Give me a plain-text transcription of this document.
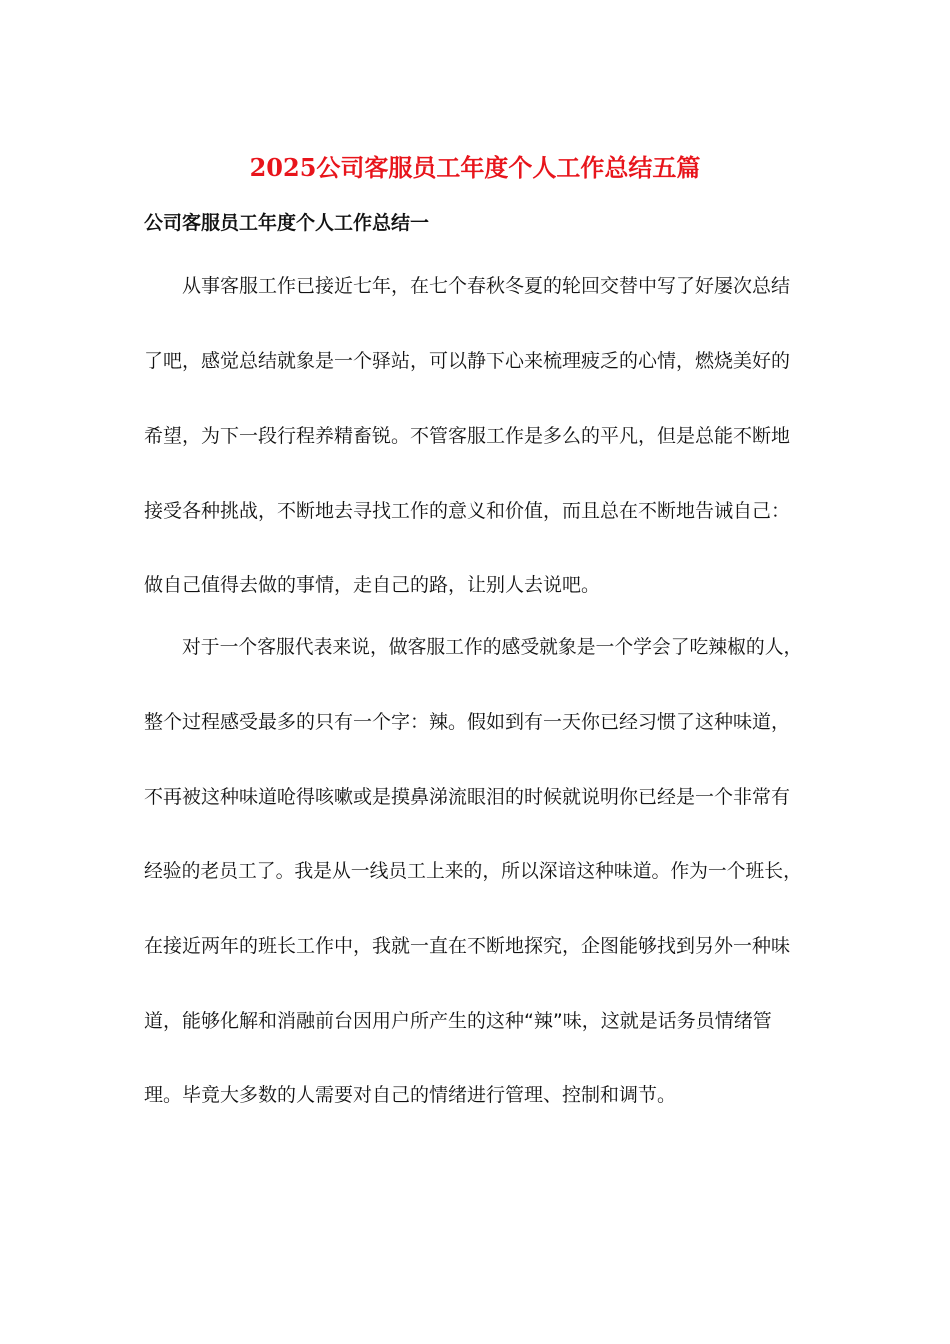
2025公司客服员工年度个人工作总结五篇
公司客服员工年度个人工作总结一

从事客服工作已接近七年，在七个春秋冬夏的轮回交替中写了好屡次总结

了吧，感觉总结就象是一个驿站，可以静下心来梳理疲乏的心情，燃烧美好的

希望，为下一段行程养精畜锐。不管客服工作是多么的平凡，但是总能不断地

接受各种挑战，不断地去寻找工作的意义和价值，而且总在不断地告诫自己：

做自己值得去做的事情，走自己的路，让别人去说吧。

对于一个客服代表来说，做客服工作的感受就象是一个学会了吃辣椒的人，

整个过程感受最多的只有一个字：辣。假如到有一天你已经习惯了这种味道，

不再被这种味道呛得咳嗽或是摸鼻涕流眼泪的时候就说明你已经是一个非常有

经验的老员工了。我是从一线员工上来的，所以深谙这种味道。作为一个班长，

在接近两年的班长工作中，我就一直在不断地探究，企图能够找到另外一种味

道，能够化解和消融前台因用户所产生的这种“辣”味，这就是话务员情绪管

理。毕竟大多数的人需要对自己的情绪进行管理、控制和调节。
